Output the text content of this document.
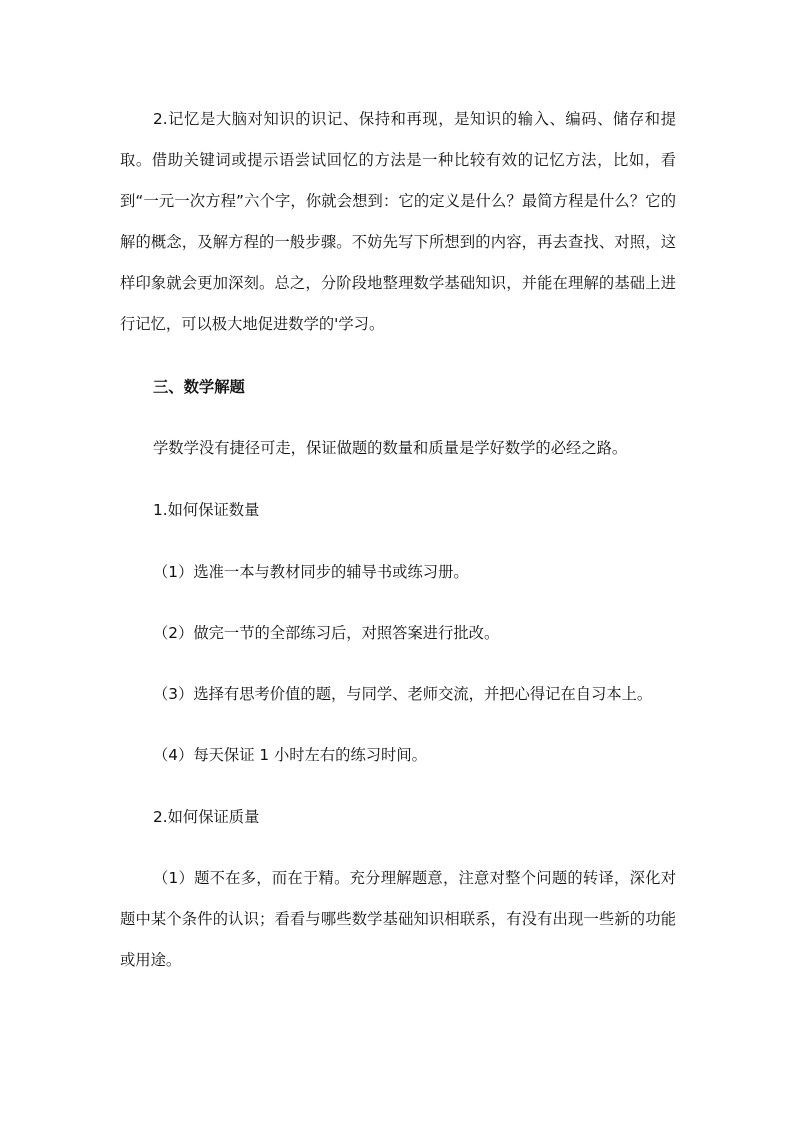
2.记忆是大脑对知识的识记、保持和再现，是知识的输入、编码、储存和提取。借助关键词或提示语尝试回忆的方法是一种比较有效的记忆方法，比如，看到“一元一次方程”六个字，你就会想到：它的定义是什么？最简方程是什么？它的解的概念，及解方程的一般步骤。不妨先写下所想到的内容，再去查找、对照，这样印象就会更加深刻。总之，分阶段地整理数学基础知识，并能在理解的基础上进行记忆，可以极大地促进数学的'学习。

三、数学解题
学数学没有捷径可走，保证做题的数量和质量是学好数学的必经之路。
1.如何保证数量
（1）选准一本与教材同步的辅导书或练习册。
（2）做完一节的全部练习后，对照答案进行批改。
（3）选择有思考价值的题，与同学、老师交流，并把心得记在自习本上。
（4）每天保证 1 小时左右的练习时间。
2.如何保证质量

（1）题不在多，而在于精。充分理解题意，注意对整个问题的转译，深化对题中某个条件的认识；看看与哪些数学基础知识相联系，有没有出现一些新的功能或用途。
